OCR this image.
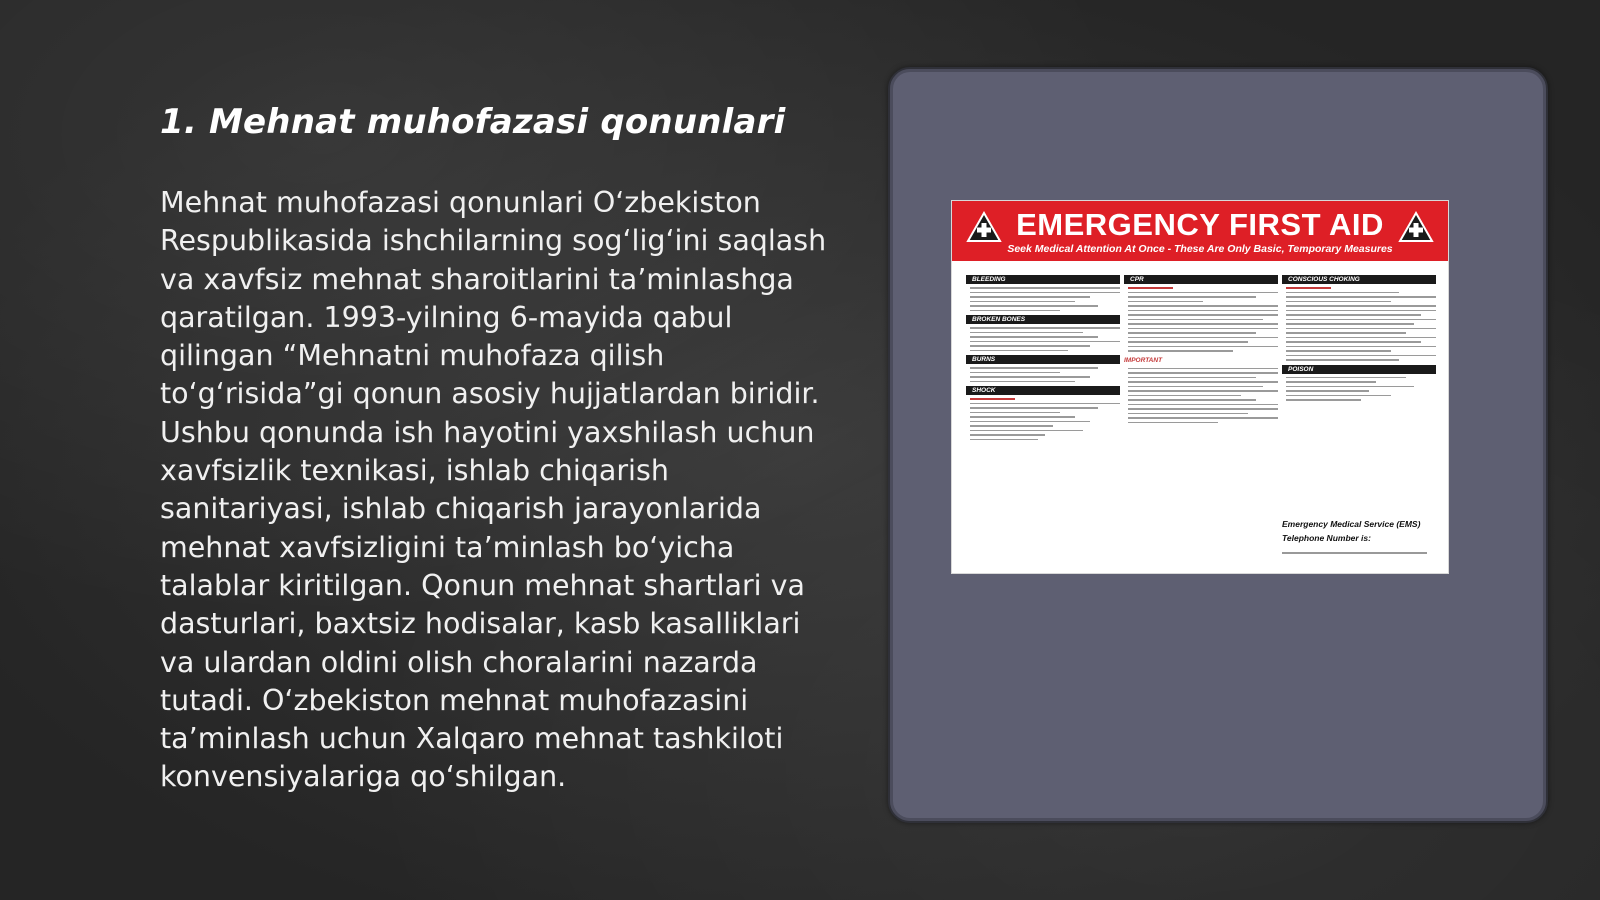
1. Mehnat muhofazasi qonunlari

Mehnat muhofazasi qonunlari O‘zbekiston Respublikasida ishchilarning sog‘lig‘ini saqlash va xavfsiz mehnat sharoitlarini ta’minlashga qaratilgan. 1993-yilning 6-mayida qabul qilingan “Mehnatni muhofaza qilish to‘g‘risida”gi qonun asosiy hujjatlardan biridir. Ushbu qonunda ish hayotini yaxshilash uchun xavfsizlik texnikasi, ishlab chiqarish sanitariyasi, ishlab chiqarish jarayonlarida mehnat xavfsizligini ta’minlash bo‘yicha talablar kiritilgan. Qonun mehnat shartlari va dasturlari, baxtsiz hodisalar, kasb kasalliklari va ulardan oldini olish choralarini nazarda tutadi. O‘zbekiston mehnat muhofazasini ta’minlash uchun Xalqaro mehnat tashkiloti konvensiyalariga qo‘shilgan.

EMERGENCY FIRST AID
Seek Medical Attention At Once - These Are Only Basic, Temporary Measures
BLEEDING
BROKEN BONES
BURNS
SHOCK
CPR
IMPORTANT
CONSCIOUS CHOKING
POISON
Emergency Medical Service (EMS)
Telephone Number is:
